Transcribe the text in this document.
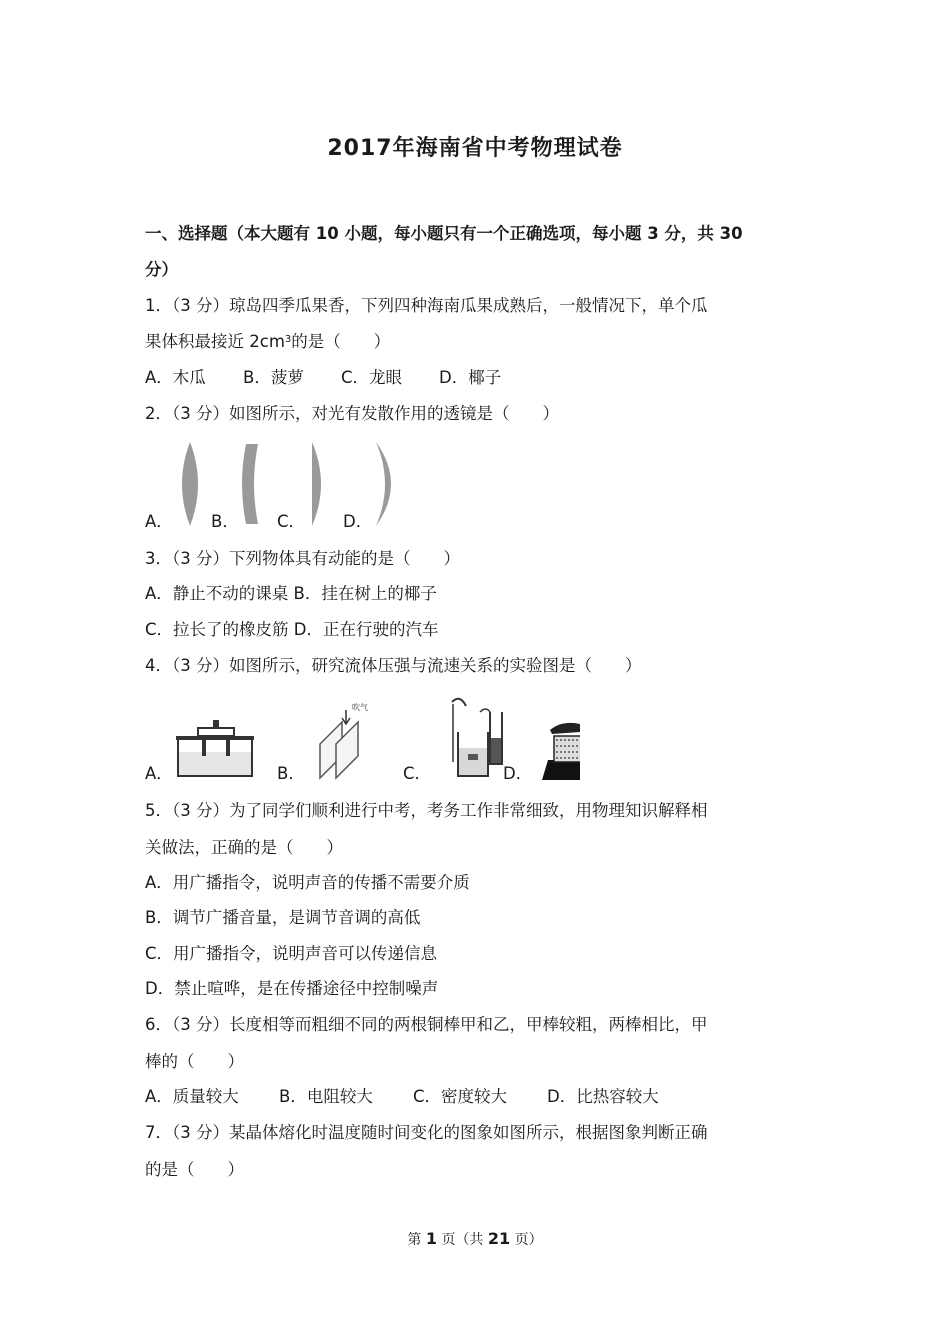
2017年海南省中考物理试卷
一、选择题（本大题有 10 小题，每小题只有一个正确选项，每小题 3 分，共 30
分）
1．（3 分）琼岛四季瓜果香，下列四种海南瓜果成熟后，一般情况下，单个瓜
果体积最接近 $2cm^3$的是（　　）
A．木瓜 B．菠萝 C．龙眼 D．椰子
2．（3 分）如图所示，对光有发散作用的透镜是（　　）
A． B． C． D．
3．（3 分）下列物体具有动能的是（　　）
A．静止不动的课桌 B．挂在树上的椰子
C．拉长了的橡皮筋 D．正在行驶的汽车
4．（3 分）如图所示，研究流体压强与流速关系的实验图是（　　）
吹气
A．	B．	C．	D．
5．（3 分）为了同学们顺利进行中考，考务工作非常细致，用物理知识解释相
关做法，正确的是（　　）
A．用广播指令，说明声音的传播不需要介质
B．调节广播音量，是调节音调的高低
C．用广播指令，说明声音可以传递信息
D．禁止喧哗，是在传播途径中控制噪声
6．（3 分）长度相等而粗细不同的两根铜棒甲和乙，甲棒较粗，两棒相比，甲
棒的（　　）
A．质量较大 B．电阻较大 C．密度较大 D．比热容较大
7．（3 分）某晶体熔化时温度随时间变化的图象如图所示，根据图象判断正确
的是（　　）
第 1 页（共 21 页）
